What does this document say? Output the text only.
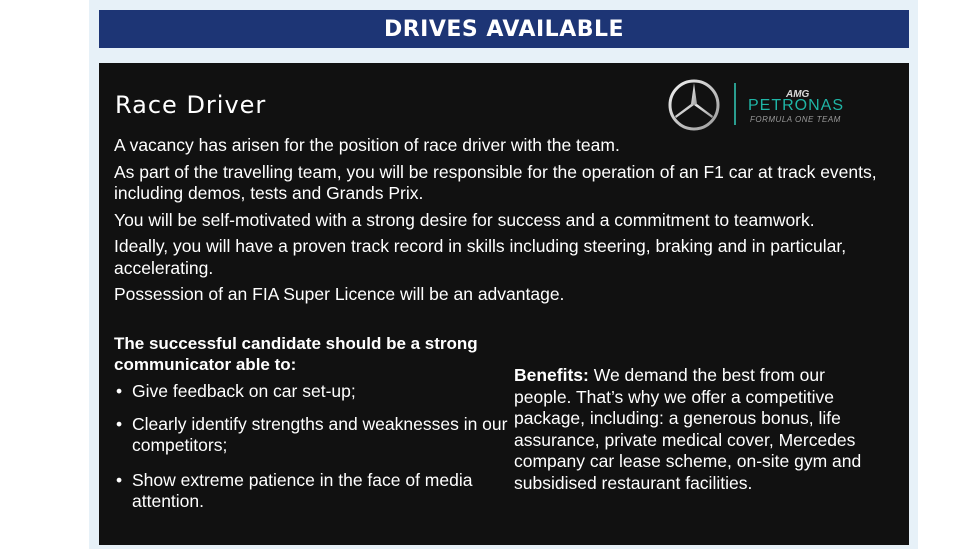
DRIVES AVAILABLE
Race Driver	AMG
PETRONAS
FORMULA ONE TEAM

A vacancy has arisen for the position of race driver with the team.

As part of the travelling team, you will be responsible for the operation of an F1 car at track events, including demos, tests and Grands Prix.

You will be self-motivated with a strong desire for success and a commitment to teamwork.

Ideally, you will have a proven track record in skills including steering, braking and in particular, accelerating.

Possession of an FIA Super Licence will be an advantage.

The successful candidate should be a strong communicator able to:

• Give feedback on car set-up;
• Clearly identify strengths and weaknesses in our competitors;
• Show extreme patience in the face of media attention.
Benefits: We demand the best from our people. That’s why we offer a competitive package, including: a generous bonus, life assurance, private medical cover, Mercedes company car lease scheme, on-site gym and subsidised restaurant facilities.
